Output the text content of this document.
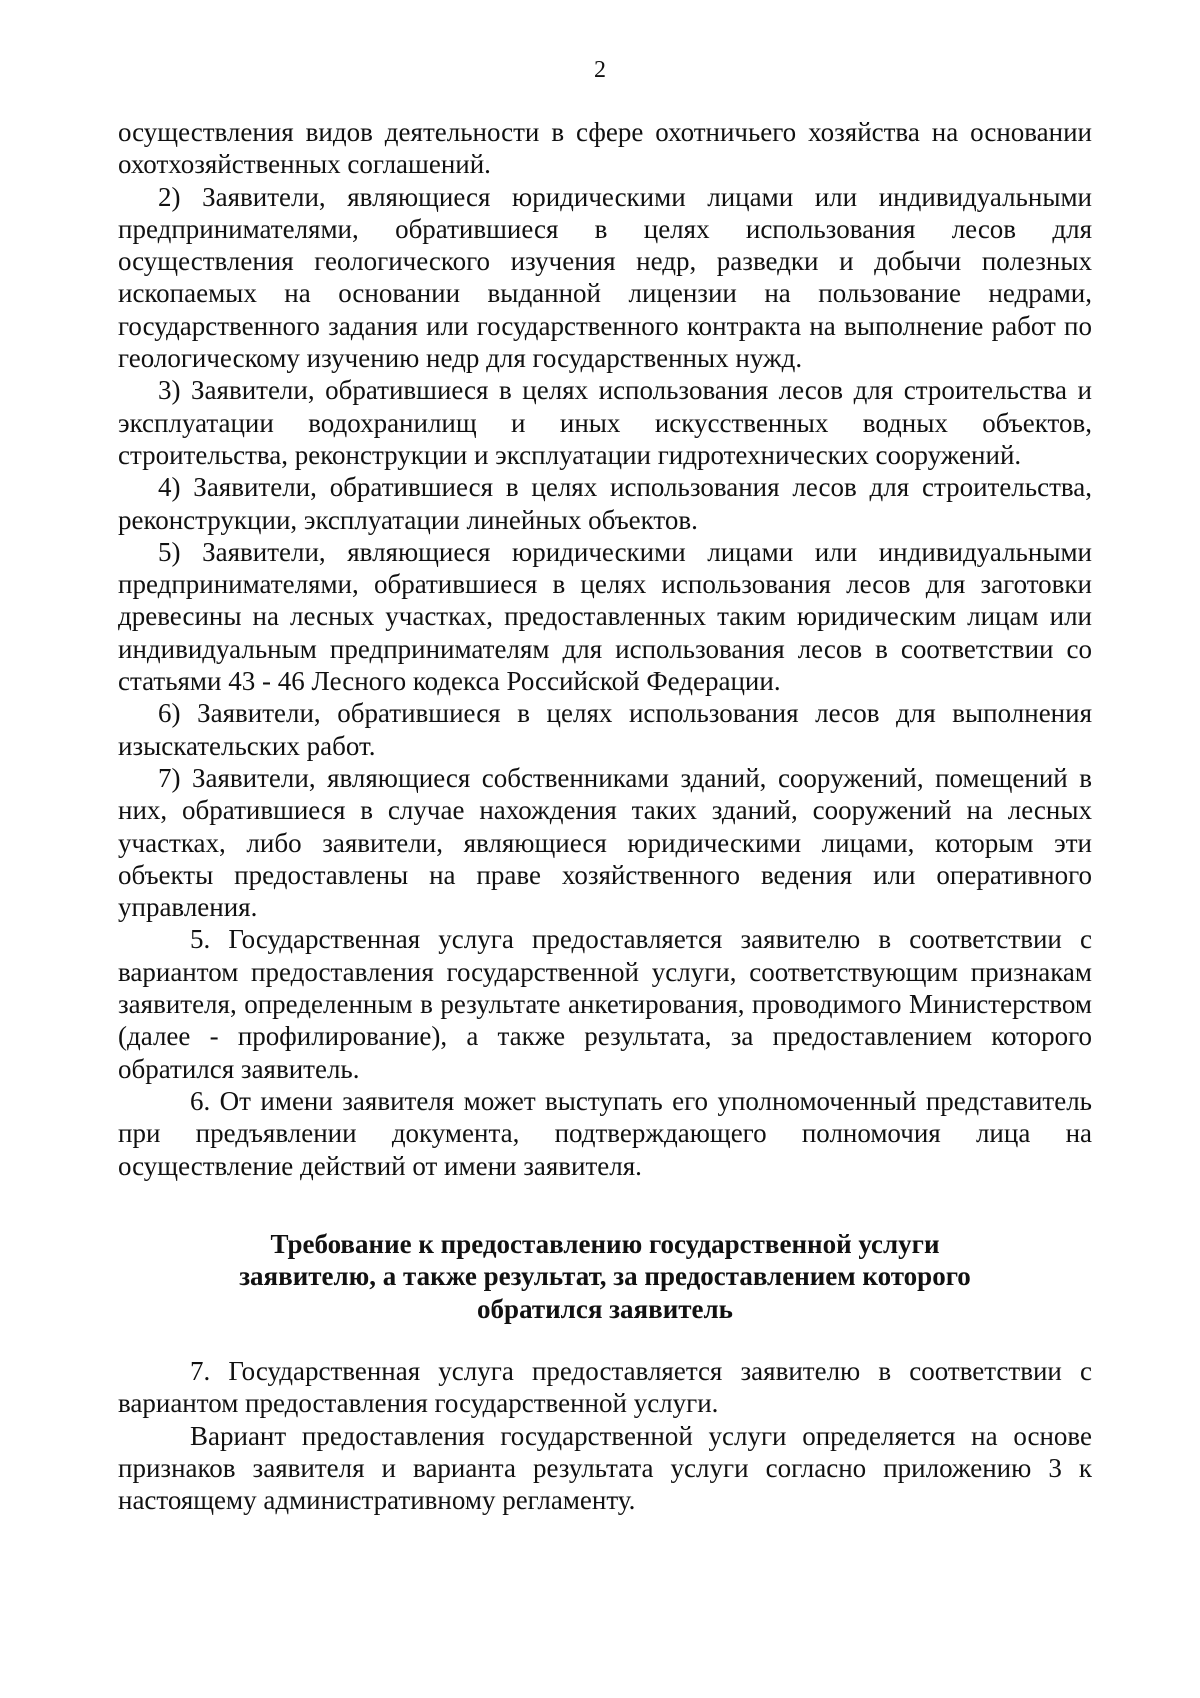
2

осуществления видов деятельности в сфере охотничьего хозяйства на основании охотхозяйственных соглашений.

2) Заявители, являющиеся юридическими лицами или индивидуальными предпринимателями, обратившиеся в целях использования лесов для осуществления геологического изучения недр, разведки и добычи полезных ископаемых на основании выданной лицензии на пользование недрами, государственного задания или государственного контракта на выполнение работ по геологическому изучению недр для государственных нужд.

3) Заявители, обратившиеся в целях использования лесов для строительства и эксплуатации водохранилищ и иных искусственных водных объектов, строительства, реконструкции и эксплуатации гидротехнических сооружений.

4) Заявители, обратившиеся в целях использования лесов для строительства, реконструкции, эксплуатации линейных объектов.

5) Заявители, являющиеся юридическими лицами или индивидуальными предпринимателями, обратившиеся в целях использования лесов для заготовки древесины на лесных участках, предоставленных таким юридическим лицам или индивидуальным предпринимателям для использования лесов в соответствии со статьями 43 - 46 Лесного кодекса Российской Федерации.

6) Заявители, обратившиеся в целях использования лесов для выполнения изыскательских работ.

7) Заявители, являющиеся собственниками зданий, сооружений, помещений в них, обратившиеся в случае нахождения таких зданий, сооружений на лесных участках, либо заявители, являющиеся юридическими лицами, которым эти объекты предоставлены на праве хозяйственного ведения или оперативного управления.

5. Государственная услуга предоставляется заявителю в соответствии с вариантом предоставления государственной услуги, соответствующим признакам заявителя, определенным в результате анкетирования, проводимого Министерством (далее - профилирование), а также результата, за предоставлением которого обратился заявитель.

6. От имени заявителя может выступать его уполномоченный представитель при предъявлении документа, подтверждающего полномочия лица на осуществление действий от имени заявителя.

Требование к предоставлению государственной услуги
заявителю, а также результат, за предоставлением которого
обратился заявитель

7. Государственная услуга предоставляется заявителю в соответствии с вариантом предоставления государственной услуги.

Вариант предоставления государственной услуги определяется на основе признаков заявителя и варианта результата услуги согласно приложению 3 к настоящему административному регламенту.
